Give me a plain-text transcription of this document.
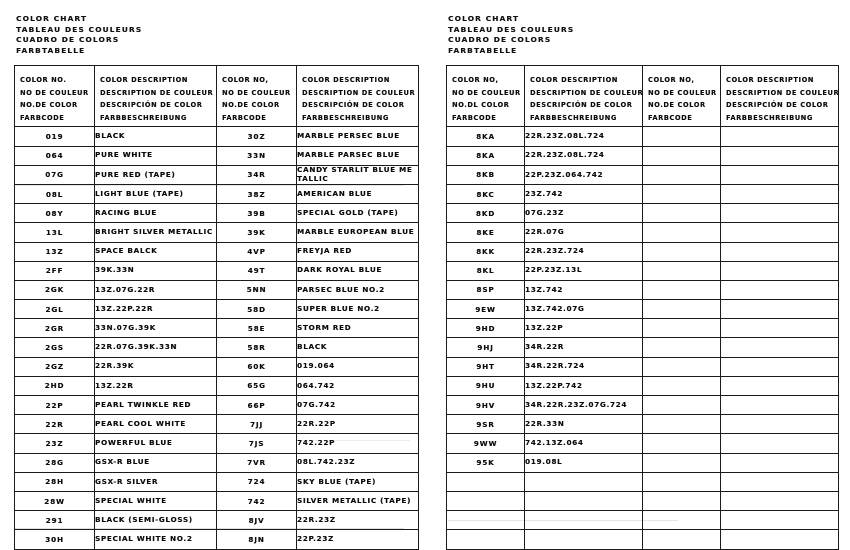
COLOR CHART
TABLEAU DES COULEURS
CUADRO DE COLORS
FARBTABELLE
COLOR NO.
NO DE COULEUR
NO.DE COLOR
FARBCODE

COLOR DESCRIPTION
DESCRIPTION DE COULEUR
DESCRIPCIÓN DE COLOR
FARBBESCHREIBUNG

COLOR NO,
NO DE COULEUR
NO.DE COLOR
FARBCODE

COLOR DESCRIPTION
DESCRIPTION DE COULEUR
DESCRIPCIÓN DE COLOR
FARBBESCHREIBUNG

019	BLACK	30Z	MARBLE PERSEC BLUE
064	PURE WHITE	33N	MARBLE PARSEC BLUE
07G	PURE RED (TAPE)	34R	CANDY STARLIT BLUE METALLIC
08L	LIGHT BLUE (TAPE)	38Z	AMERICAN BLUE
08Y	RACING BLUE	39B	SPECIAL GOLD (TAPE)
13L	BRIGHT SILVER METALLIC	39K	MARBLE EUROPEAN BLUE
13Z	SPACE BALCK	4VP	FREYJA RED
2FF	39K.33N	49T	DARK ROYAL BLUE
2GK	13Z.07G.22R	5NN	PARSEC BLUE NO.2
2GL	13Z.22P.22R	58D	SUPER BLUE NO.2
2GR	33N.07G.39K	58E	STORM RED
2GS	22R.07G.39K.33N	58R	BLACK
2GZ	22R.39K	60K	019.064
2HD	13Z.22R	65G	064.742
22P	PEARL TWINKLE RED	66P	07G.742
22R	PEARL COOL WHITE	7JJ	22R.22P
23Z	POWERFUL BLUE	7JS	742.22P
28G	GSX-R BLUE	7VR	08L.742.23Z
28H	GSX-R SILVER	724	SKY BLUE (TAPE)
28W	SPECIAL WHITE	742	SILVER METALLIC (TAPE)
291	BLACK (SEMI-GLOSS)	8JV	22R.23Z
30H	SPECIAL WHITE NO.2	8JN	22P.23Z
COLOR CHART
TABLEAU DES COULEURS
CUADRO DE COLORS
FARBTABELLE
COLOR NO,
NO DE COULEUR
NO.DL COLOR
FARBCODE

COLOR DESCRIPTION
DESCRIPTION DE COULEUR
DESCRIPCIÓN DE COLOR
FARBBESCHREIBUNG

COLOR NO,
NO DE COULEUR
NO.DE COLOR
FARBCODE

COLOR DESCRIPTION
DESCRIPTION DE COULEUR
DESCRIPCIÓN DE COLOR
FARBBESCHREIBUNG

8KA	22R.23Z.08L.724		
8KA	22R.23Z.08L.724		
8KB	22P.23Z.064.742		
8KC	23Z.742		
8KD	07G.23Z		
8KE	22R.07G		
8KK	22R.23Z.724		
8KL	22P.23Z.13L		
8SP	13Z.742		
9EW	13Z.742.07G		
9HD	13Z.22P		
9HJ	34R.22R		
9HT	34R.22R.724		
9HU	13Z.22P.742		
9HV	34R.22R.23Z.07G.724		
9SR	22R.33N		
9WW	742.13Z.064		
95K	019.08L		
